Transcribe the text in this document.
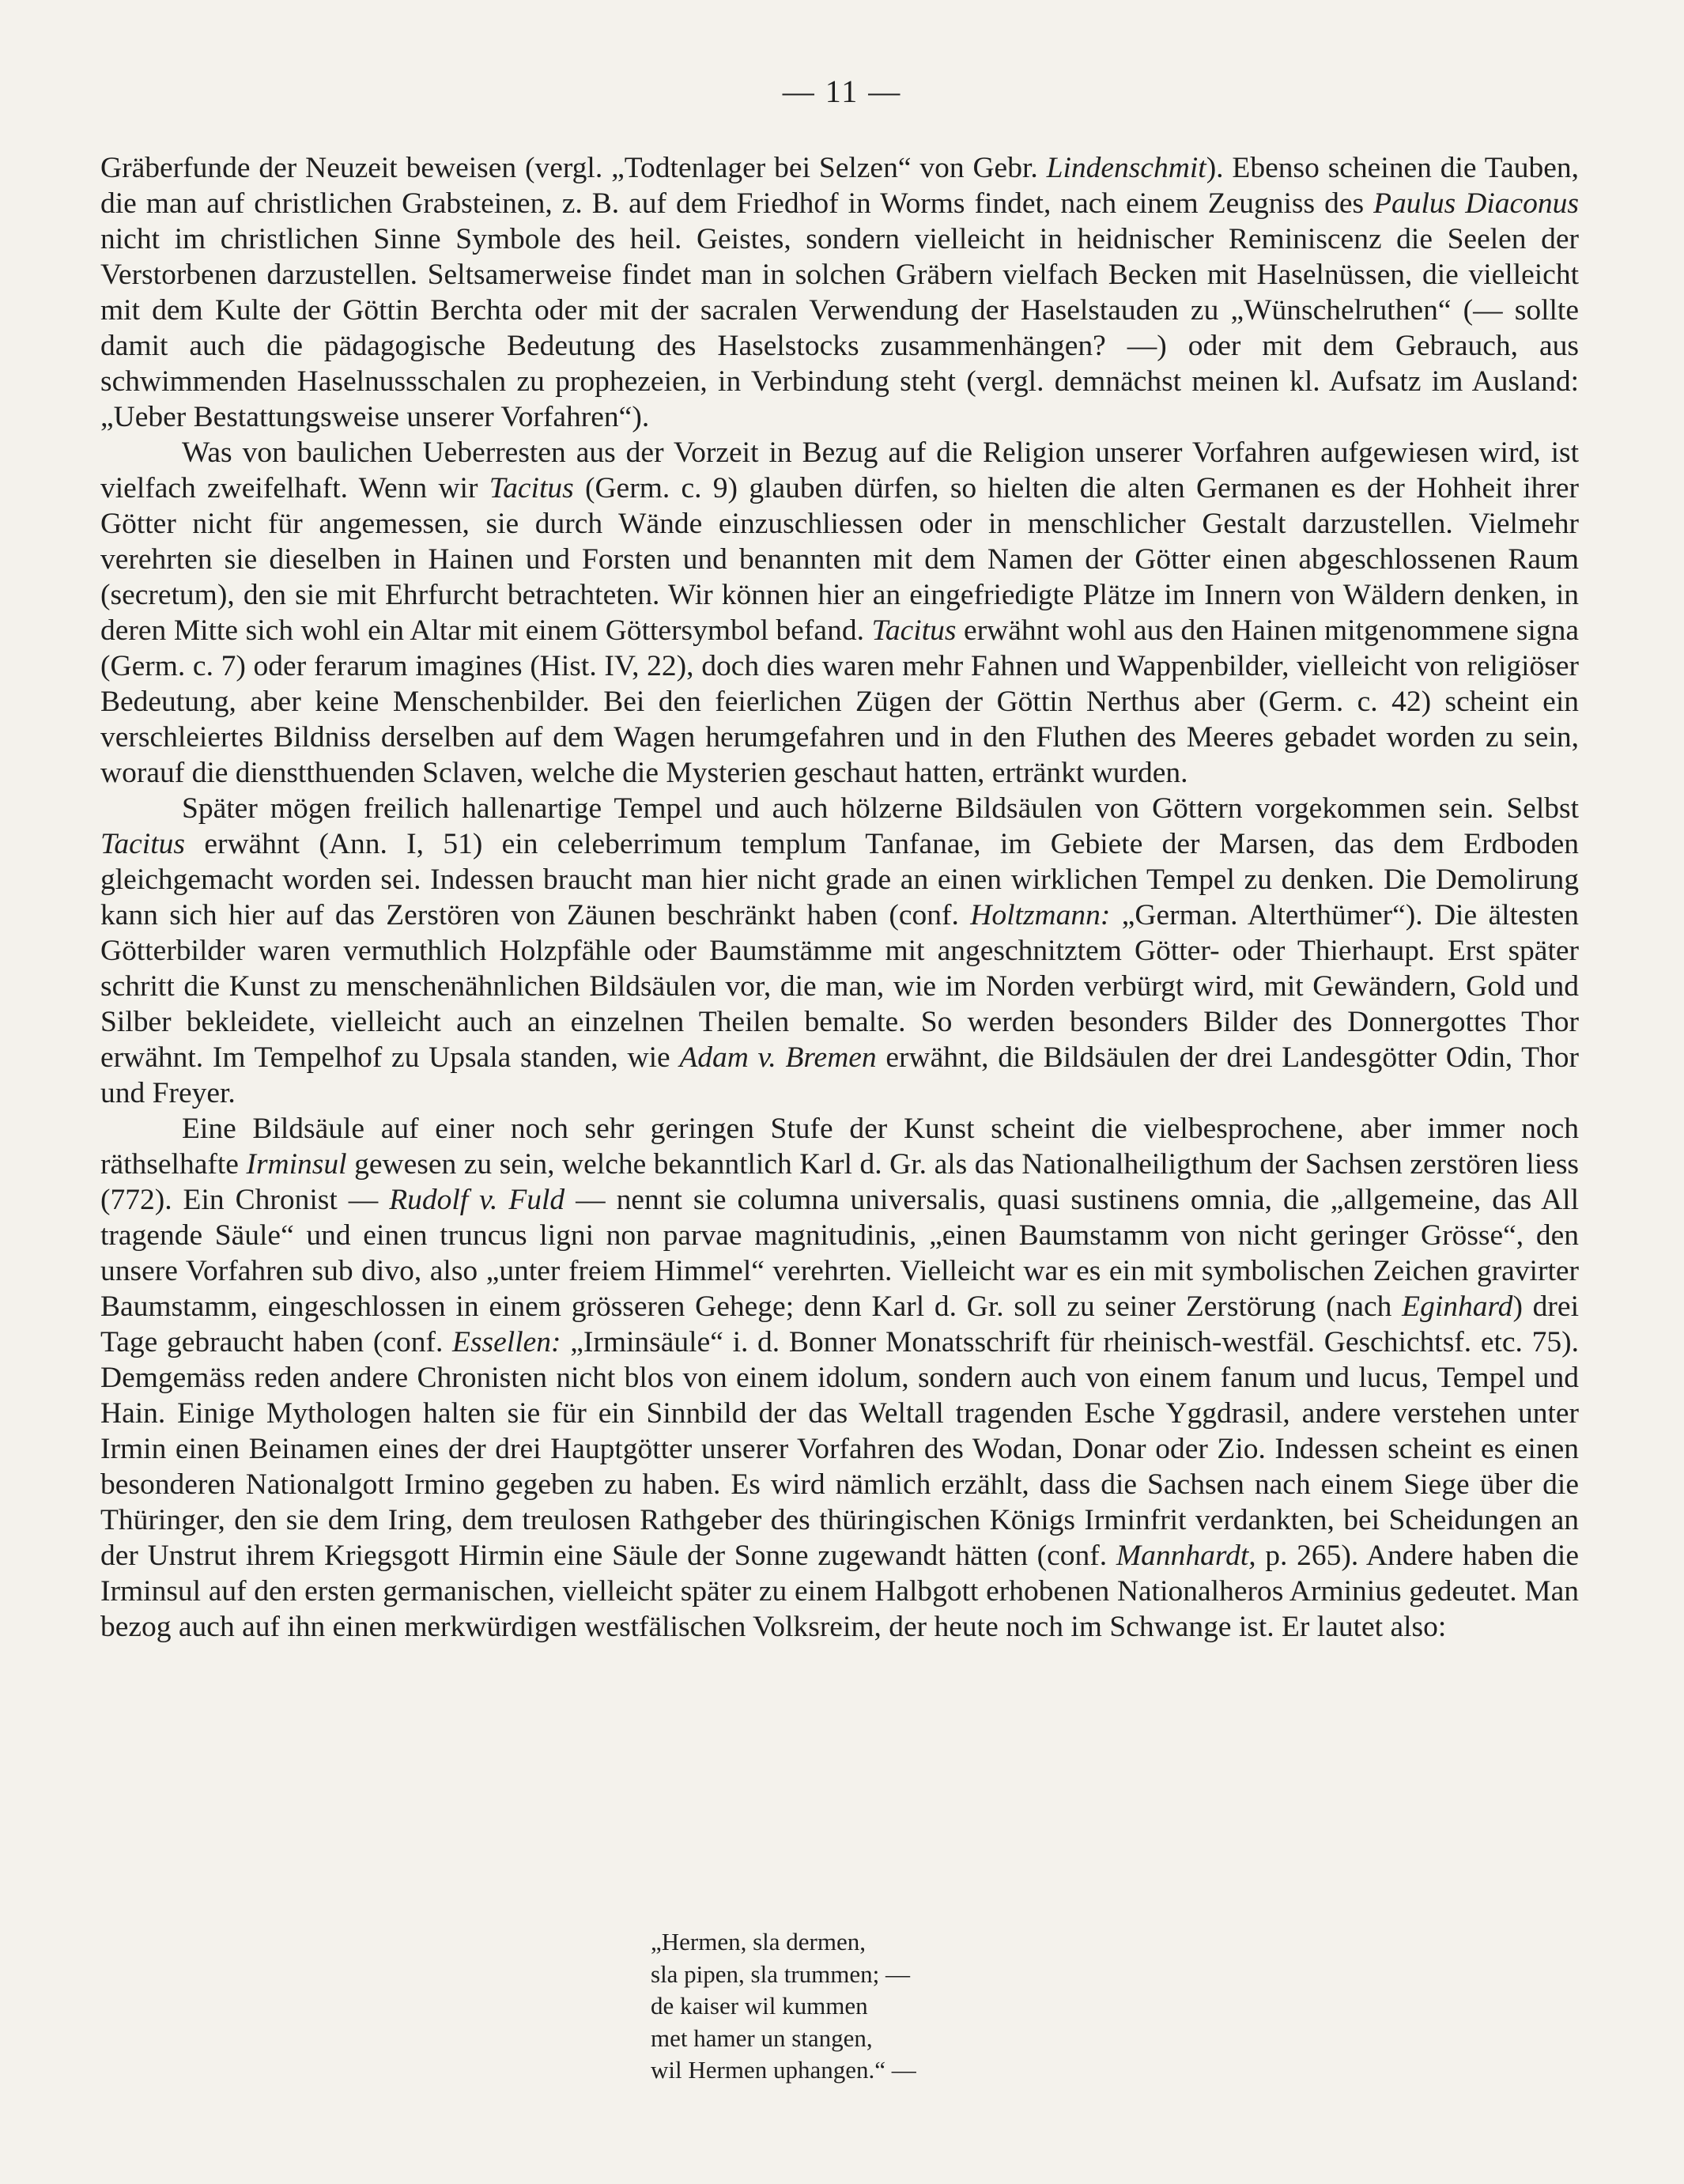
— 11 —

Gräberfunde der Neuzeit beweisen (vergl. „Todtenlager bei Selzen“ von Gebr. Lindenschmit). Ebenso scheinen die Tauben, die man auf christlichen Grabsteinen, z. B. auf dem Friedhof in Worms findet, nach einem Zeugniss des Paulus Diaconus nicht im christlichen Sinne Symbole des heil. Geistes, sondern vielleicht in heidnischer Reminiscenz die Seelen der Verstorbenen darzustellen. Seltsamerweise findet man in solchen Gräbern vielfach Becken mit Haselnüssen, die vielleicht mit dem Kulte der Göttin Berchta oder mit der sacralen Verwendung der Haselstauden zu „Wünschelruthen“ (— sollte damit auch die pädagogische Bedeutung des Haselstocks zusammenhängen? —) oder mit dem Gebrauch, aus schwimmenden Haselnussschalen zu prophezeien, in Verbindung steht (vergl. demnächst meinen kl. Aufsatz im Ausland: „Ueber Bestattungsweise unserer Vorfahren“).

Was von baulichen Ueberresten aus der Vorzeit in Bezug auf die Religion unserer Vorfahren aufgewiesen wird, ist vielfach zweifelhaft. Wenn wir Tacitus (Germ. c. 9) glauben dürfen, so hielten die alten Germanen es der Hohheit ihrer Götter nicht für angemessen, sie durch Wände einzuschliessen oder in menschlicher Gestalt darzustellen. Vielmehr verehrten sie dieselben in Hainen und Forsten und benannten mit dem Namen der Götter einen abgeschlossenen Raum (secretum), den sie mit Ehrfurcht betrachteten. Wir können hier an eingefriedigte Plätze im Innern von Wäldern denken, in deren Mitte sich wohl ein Altar mit einem Göttersymbol befand. Tacitus erwähnt wohl aus den Hainen mitgenommene signa (Germ. c. 7) oder ferarum imagines (Hist. IV, 22), doch dies waren mehr Fahnen und Wappenbilder, vielleicht von religiöser Bedeutung, aber keine Menschenbilder. Bei den feierlichen Zügen der Göttin Nerthus aber (Germ. c. 42) scheint ein verschleiertes Bildniss derselben auf dem Wagen herumgefahren und in den Fluthen des Meeres gebadet worden zu sein, worauf die dienstthuenden Sclaven, welche die Mysterien geschaut hatten, ertränkt wurden.

Später mögen freilich hallenartige Tempel und auch hölzerne Bildsäulen von Göttern vorgekommen sein. Selbst Tacitus erwähnt (Ann. I, 51) ein celeberrimum templum Tanfanae, im Gebiete der Marsen, das dem Erdboden gleichgemacht worden sei. Indessen braucht man hier nicht grade an einen wirklichen Tempel zu denken. Die Demolirung kann sich hier auf das Zerstören von Zäunen beschränkt haben (conf. Holtzmann: „German. Alterthümer“). Die ältesten Götterbilder waren vermuthlich Holzpfähle oder Baumstämme mit angeschnitztem Götter- oder Thierhaupt. Erst später schritt die Kunst zu menschenähnlichen Bildsäulen vor, die man, wie im Norden verbürgt wird, mit Gewändern, Gold und Silber bekleidete, vielleicht auch an einzelnen Theilen bemalte. So werden besonders Bilder des Donnergottes Thor erwähnt. Im Tempelhof zu Upsala standen, wie Adam v. Bremen erwähnt, die Bildsäulen der drei Landesgötter Odin, Thor und Freyer.

Eine Bildsäule auf einer noch sehr geringen Stufe der Kunst scheint die vielbesprochene, aber immer noch räthselhafte Irminsul gewesen zu sein, welche bekanntlich Karl d. Gr. als das Nationalheiligthum der Sachsen zerstören liess (772). Ein Chronist — Rudolf v. Fuld — nennt sie columna universalis, quasi sustinens omnia, die „allgemeine, das All tragende Säule“ und einen truncus ligni non parvae magnitudinis, „einen Baumstamm von nicht geringer Grösse“, den unsere Vorfahren sub divo, also „unter freiem Himmel“ verehrten. Vielleicht war es ein mit symbolischen Zeichen gravirter Baumstamm, eingeschlossen in einem grösseren Gehege; denn Karl d. Gr. soll zu seiner Zerstörung (nach Eginhard) drei Tage gebraucht haben (conf. Essellen: „Irminsäule“ i. d. Bonner Monatsschrift für rheinisch-westfäl. Geschichtsf. etc. 75). Demgemäss reden andere Chronisten nicht blos von einem idolum, sondern auch von einem fanum und lucus, Tempel und Hain. Einige Mythologen halten sie für ein Sinnbild der das Weltall tragenden Esche Yggdrasil, andere verstehen unter Irmin einen Beinamen eines der drei Hauptgötter unserer Vorfahren des Wodan, Donar oder Zio. Indessen scheint es einen besonderen Nationalgott Irmino gegeben zu haben. Es wird nämlich erzählt, dass die Sachsen nach einem Siege über die Thüringer, den sie dem Iring, dem treulosen Rathgeber des thüringischen Königs Irminfrit verdankten, bei Scheidungen an der Unstrut ihrem Kriegsgott Hirmin eine Säule der Sonne zugewandt hätten (conf. Mannhardt, p. 265). Andere haben die Irminsul auf den ersten germanischen, vielleicht später zu einem Halbgott erhobenen Nationalheros Arminius gedeutet. Man bezog auch auf ihn einen merkwürdigen westfälischen Volksreim, der heute noch im Schwange ist. Er lautet also:

„Hermen, sla dermen,
sla pipen, sla trummen; —
de kaiser wil kummen
met hamer un stangen,
wil Hermen uphangen.“ —
